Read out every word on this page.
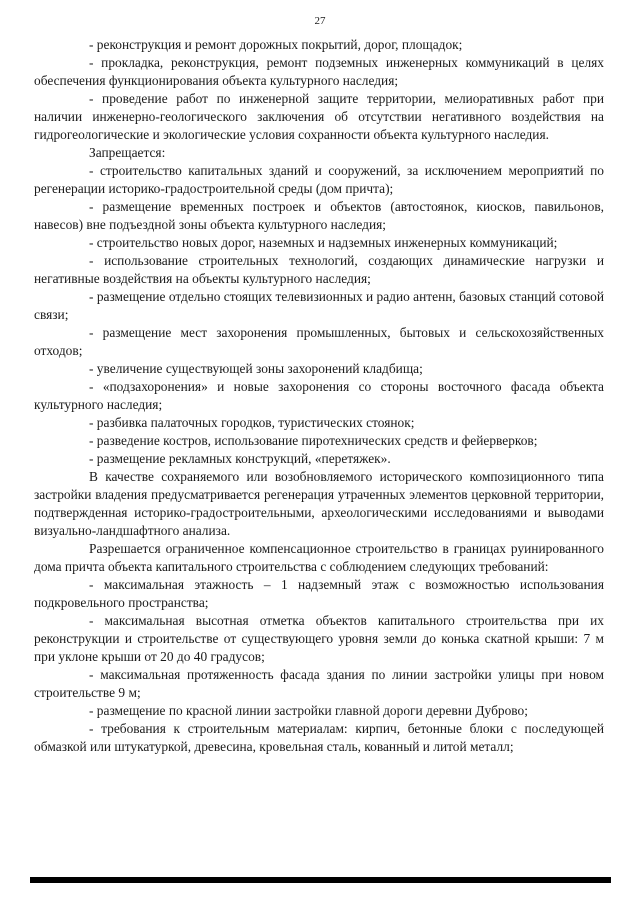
27

- реконструкция и ремонт дорожных покрытий, дорог, площадок;

- прокладка, реконструкция, ремонт подземных инженерных коммуникаций в целях обеспечения функционирования объекта культурного наследия;

- проведение работ по инженерной защите территории, мелиоративных работ при наличии инженерно-геологического заключения об отсутствии негативного воздействия на гидрогеологические и экологические условия сохранности объекта культурного наследия.

Запрещается:

- строительство капитальных зданий и сооружений, за исключением мероприятий по регенерации историко-градостроительной среды (дом причта);

- размещение временных построек и объектов (автостоянок, киосков, павильонов, навесов) вне подъездной зоны объекта культурного наследия;

- строительство новых дорог, наземных и надземных инженерных коммуникаций;

- использование строительных технологий, создающих динамические нагрузки и негативные воздействия на объекты культурного наследия;

- размещение отдельно стоящих телевизионных и радио антенн, базовых станций сотовой связи;

- размещение мест захоронения промышленных, бытовых и сельскохозяйственных отходов;

- увеличение существующей зоны захоронений кладбища;

- «подзахоронения» и новые захоронения со стороны восточного фасада объекта культурного наследия;

- разбивка палаточных городков, туристических стоянок;

- разведение костров, использование пиротехнических средств и фейерверков;

- размещение рекламных конструкций, «перетяжек».

В качестве сохраняемого или возобновляемого исторического композиционного типа застройки владения предусматривается регенерация утраченных элементов церковной территории, подтвержденная историко-градостроительными, археологическими исследованиями и выводами визуально-ландшафтного анализа.

Разрешается ограниченное компенсационное строительство в границах руинированного дома причта объекта капитального строительства с соблюдением следующих требований:

- максимальная этажность – 1 надземный этаж с возможностью использования подкровельного пространства;

- максимальная высотная отметка объектов капитального строительства при их реконструкции и строительстве от существующего уровня земли до конька скатной крыши: 7 м при уклоне крыши от 20 до 40 градусов;

- максимальная протяженность фасада здания по линии застройки улицы при новом строительстве 9 м;

- размещение по красной линии застройки главной дороги деревни Дуброво;

- требования к строительным материалам: кирпич, бетонные блоки с последующей обмазкой или штукатуркой, древесина, кровельная сталь, кованный и литой металл;
